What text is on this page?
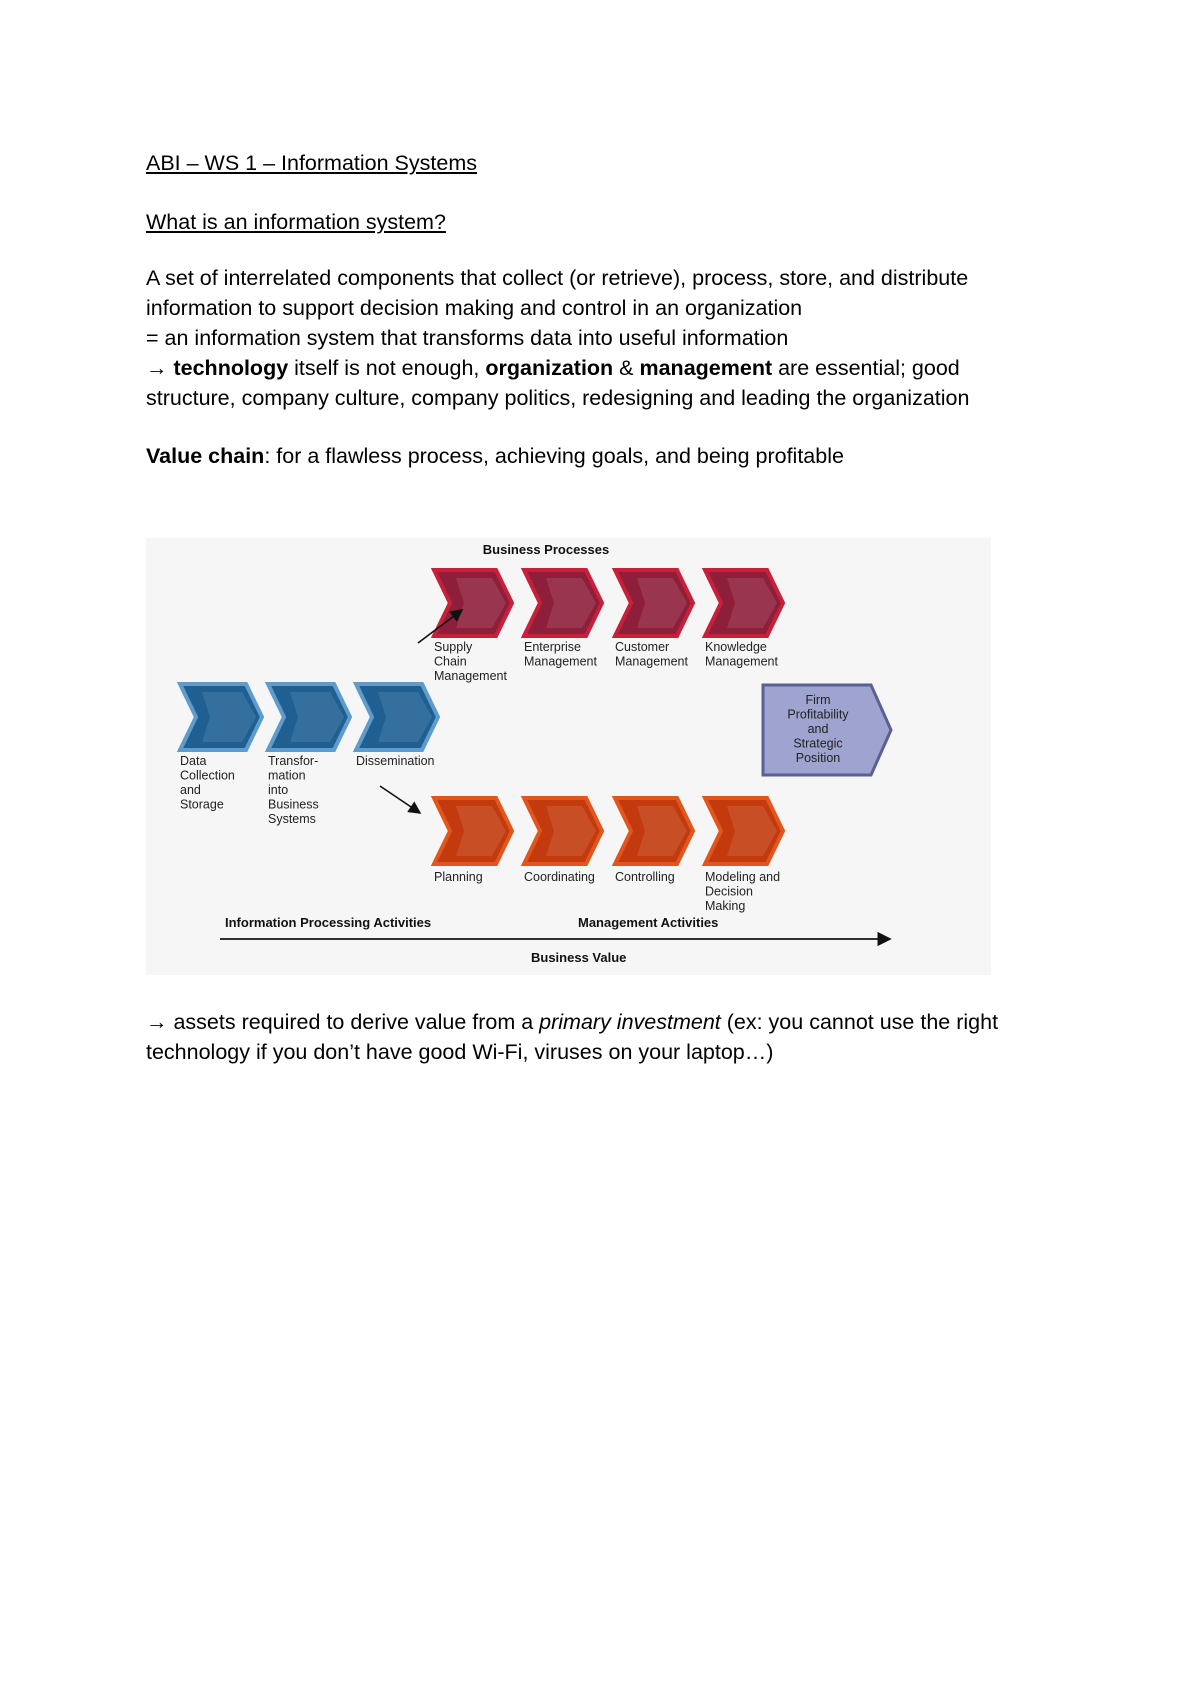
ABI – WS 1 – Information Systems
What is an information system?

A set of interrelated components that collect (or retrieve), process, store, and distribute

information to support decision making and control in an organization

= an information system that transforms data into useful information

→ technology itself is not enough, organization & management are essential; good

structure, company culture, company politics, redesigning and leading the organization

Value chain: for a flawless process, achieving goals, and being profitable

Supply Chain Management
Enterprise Management
Customer Management
Knowledge Management
Data Collection and Storage
Transfor-mation into Business Systems
Dissemination
Planning	Coordinating Controlling Modeling and Decision Making
Firm Profitability and Strategic Position
Business Processes
Information Processing Activities	Management Activities
Business Value

→ assets required to derive value from a primary investment (ex: you cannot use the right

technology if you don’t have good Wi-Fi, viruses on your laptop…)
